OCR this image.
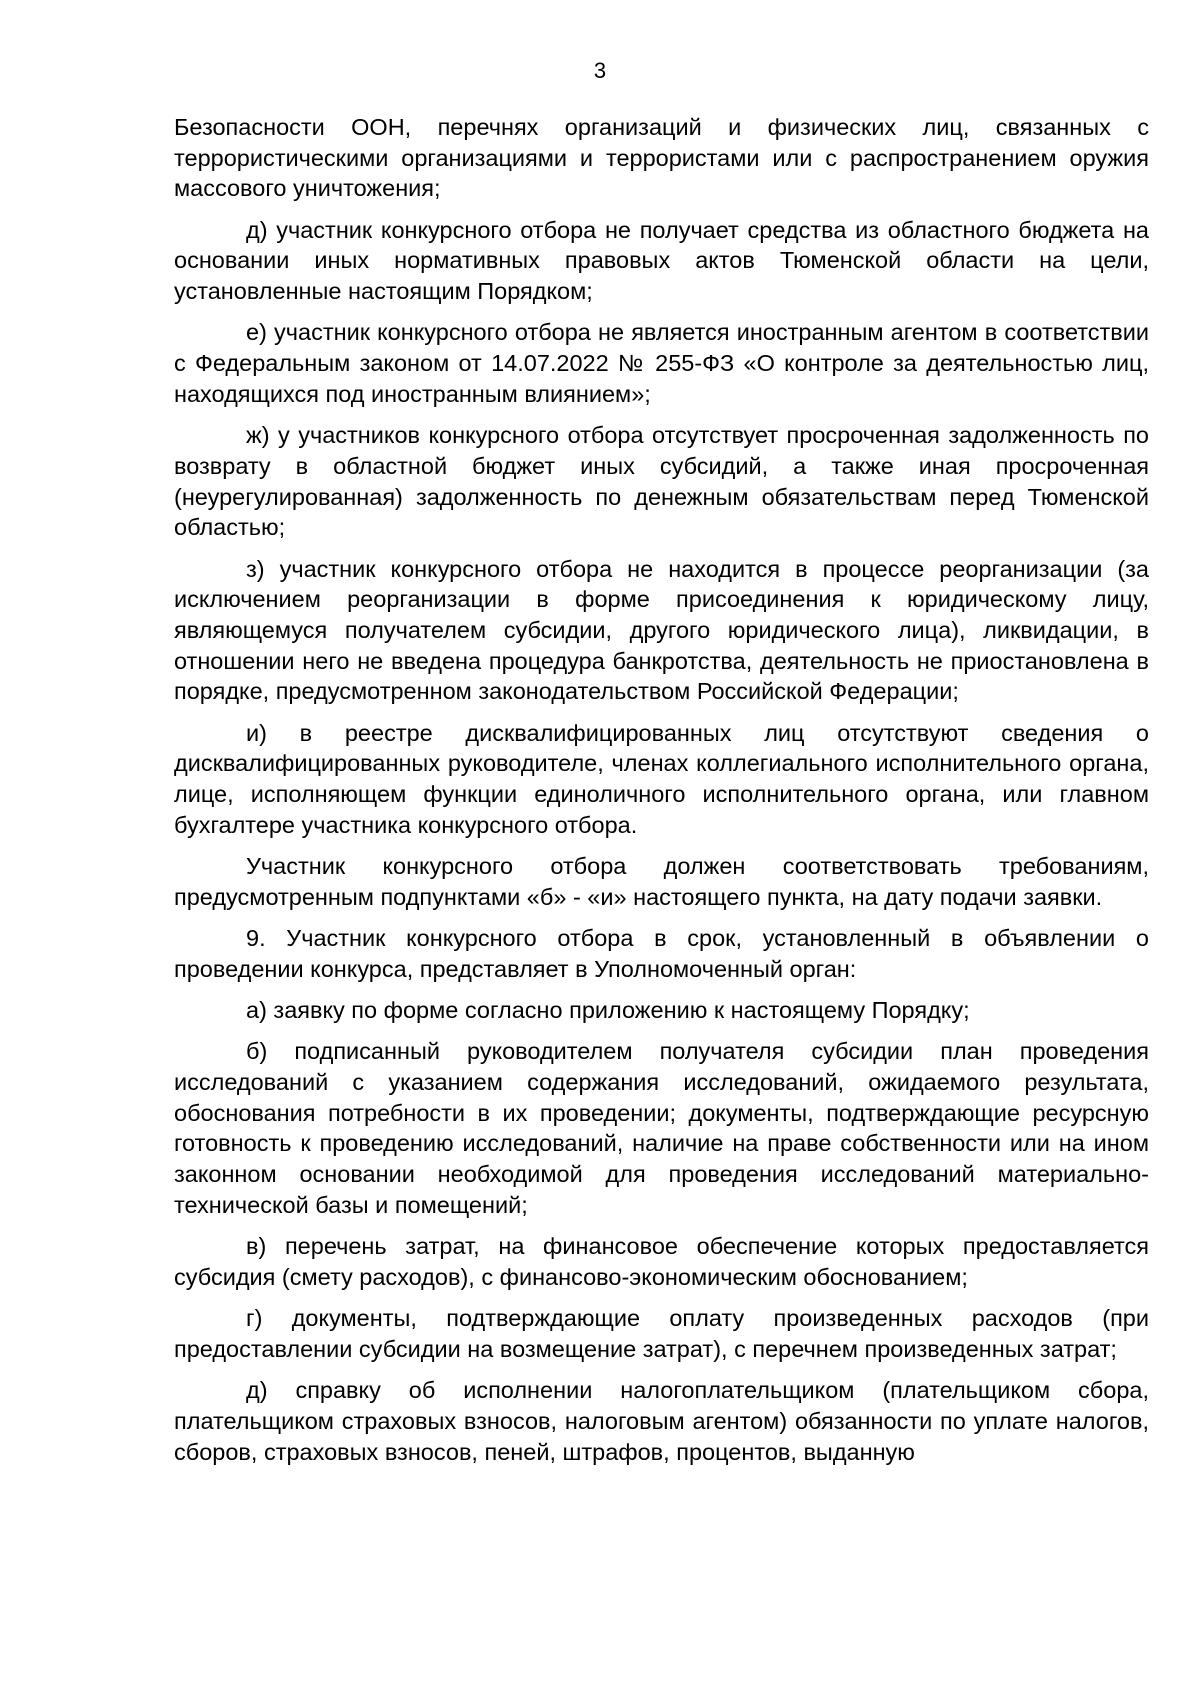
3

Безопасности ООН, перечнях организаций и физических лиц, связанных с террористическими организациями и террористами или с распространением оружия массового уничтожения;

д) участник конкурсного отбора не получает средства из областного бюджета на основании иных нормативных правовых актов Тюменской области на цели, установленные настоящим Порядком;

е) участник конкурсного отбора не является иностранным агентом в соответствии с Федеральным законом от 14.07.2022 № 255-ФЗ «О контроле за деятельностью лиц, находящихся под иностранным влиянием»;

ж) у участников конкурсного отбора отсутствует просроченная задолженность по возврату в областной бюджет иных субсидий, а также иная просроченная (неурегулированная) задолженность по денежным обязательствам перед Тюменской областью;

з) участник конкурсного отбора не находится в процессе реорганизации (за исключением реорганизации в форме присоединения к юридическому лицу, являющемуся получателем субсидии, другого юридического лица), ликвидации, в отношении него не введена процедура банкротства, деятельность не приостановлена в порядке, предусмотренном законодательством Российской Федерации;

и) в реестре дисквалифицированных лиц отсутствуют сведения о дисквалифицированных руководителе, членах коллегиального исполнительного органа, лице, исполняющем функции единоличного исполнительного органа, или главном бухгалтере участника конкурсного отбора.

Участник конкурсного отбора должен соответствовать требованиям, предусмотренным подпунктами «б» - «и» настоящего пункта, на дату подачи заявки.

9. Участник конкурсного отбора в срок, установленный в объявлении о проведении конкурса, представляет в Уполномоченный орган:

а) заявку по форме согласно приложению к настоящему Порядку;

б) подписанный руководителем получателя субсидии план проведения исследований с указанием содержания исследований, ожидаемого результата, обоснования потребности в их проведении; документы, подтверждающие ресурсную готовность к проведению исследований, наличие на праве собственности или на ином законном основании необходимой для проведения исследований материально-технической базы и помещений;

в) перечень затрат, на финансовое обеспечение которых предоставляется субсидия (смету расходов), с финансово-экономическим обоснованием;

г) документы, подтверждающие оплату произведенных расходов (при предоставлении субсидии на возмещение затрат), с перечнем произведенных затрат;

д) справку об исполнении налогоплательщиком (плательщиком сбора, плательщиком страховых взносов, налоговым агентом) обязанности по уплате налогов, сборов, страховых взносов, пеней, штрафов, процентов, выданную
